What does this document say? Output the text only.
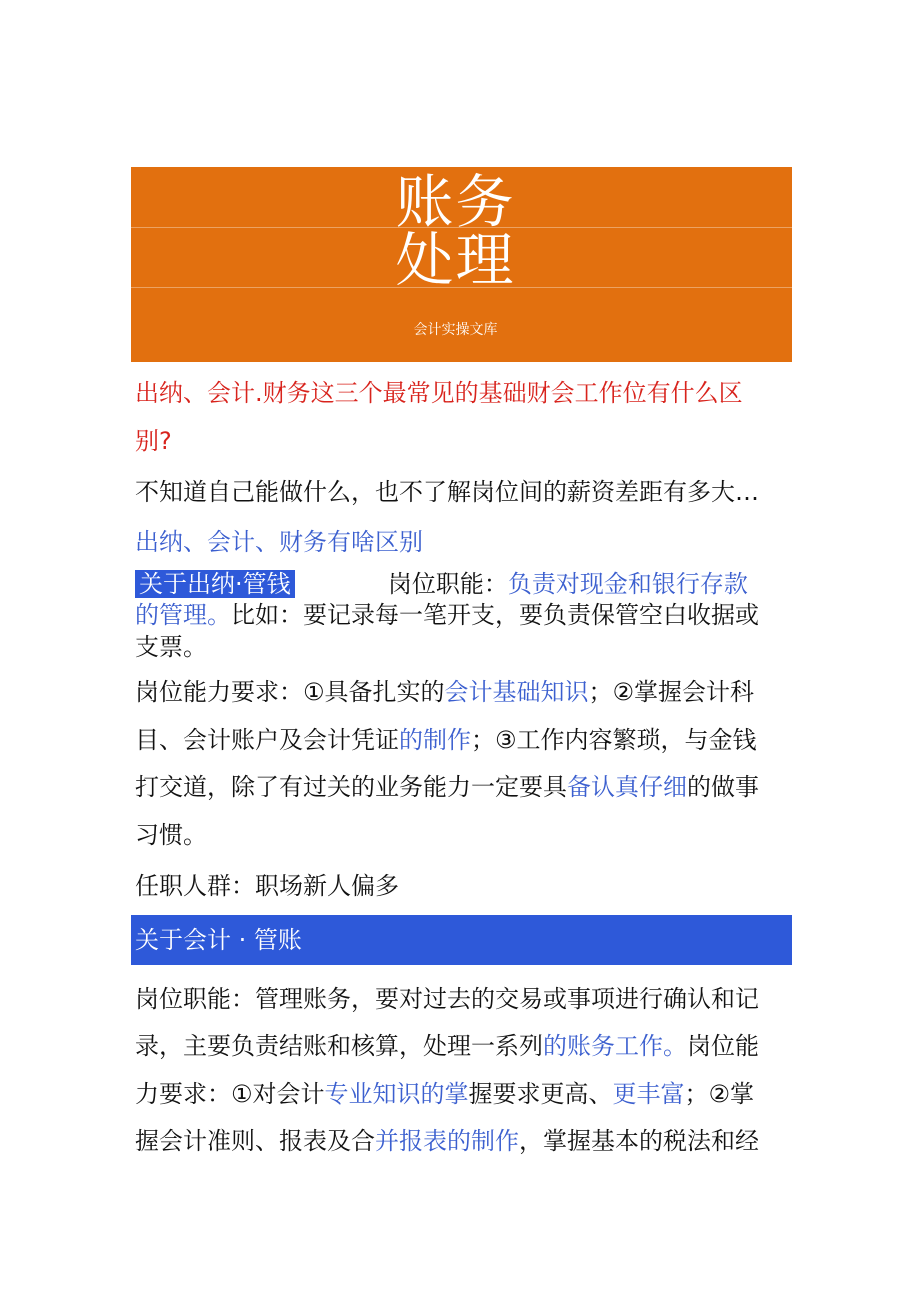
账务
处理
会计实操文库
出纳、会计.财务这三个最常见的基础财会工作位有什么区
别?
不知道自己能做什么，也不了解岗位间的薪资差距有多大…
出纳、会计、财务有啥区别
关于出纳·管钱	岗位职能：负责对现金和银行存款
的管理。比如：要记录每一笔开支，要负责保管空白收据或
支票。
岗位能力要求：①具备扎实的会计基础知识；②掌握会计科
目、会计账户及会计凭证的制作；③工作内容繁琐，与金钱
打交道，除了有过关的业务能力一定要具备认真仔细的做事
习惯。
任职人群：职场新人偏多
关于会计 · 管账
岗位职能：管理账务，要对过去的交易或事项进行确认和记
录，主要负责结账和核算，处理一系列的账务工作。岗位能
力要求：①对会计专业知识的掌握要求更高、更丰富；②掌
握会计准则、报表及合并报表的制作，掌握基本的税法和经
